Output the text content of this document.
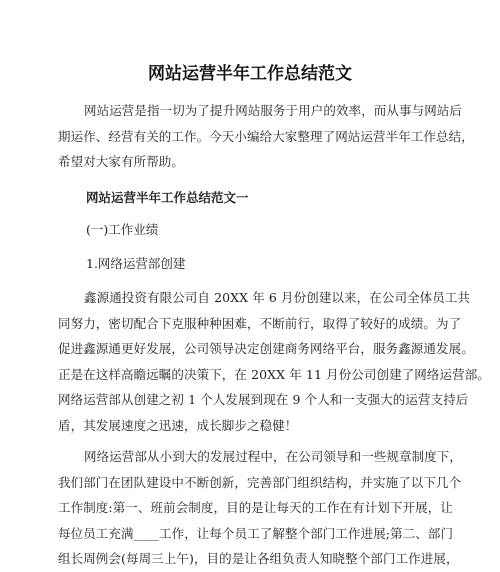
网站运营半年工作总结范文
网站运营是指一切为了提升网站服务于用户的效率，而从事与网站后
期运作、经营有关的工作。今天小编给大家整理了网站运营半年工作总结，
希望对大家有所帮助。
网站运营半年工作总结范文一
(一)工作业绩
1.网络运营部创建
鑫源通投资有限公司自 20XX 年 6 月份创建以来，在公司全体员工共
同努力，密切配合下克服种种困难，不断前行，取得了较好的成绩。为了
促进鑫源通更好发展，公司领导决定创建商务网络平台，服务鑫源通发展。
正是在这样高瞻远瞩的决策下，在 20XX 年 11 月份公司创建了网络运营部。
网络运营部从创建之初 1 个人发展到现在 9 个人和一支强大的运营支持后
盾，其发展速度之迅速，成长脚步之稳健！
网络运营部从小到大的发展过程中，在公司领导和一些规章制度下，
我们部门在团队建设中不断创新，完善部门组织结构，并实施了以下几个
工作制度:第一、班前会制度，目的是让每天的工作在有计划下开展，让
每位员工充满____工作，让每个员工了解整个部门工作进展;第二、部门
组长周例会(每周三上午)，目的是让各组负责人知晓整个部门工作进展，
